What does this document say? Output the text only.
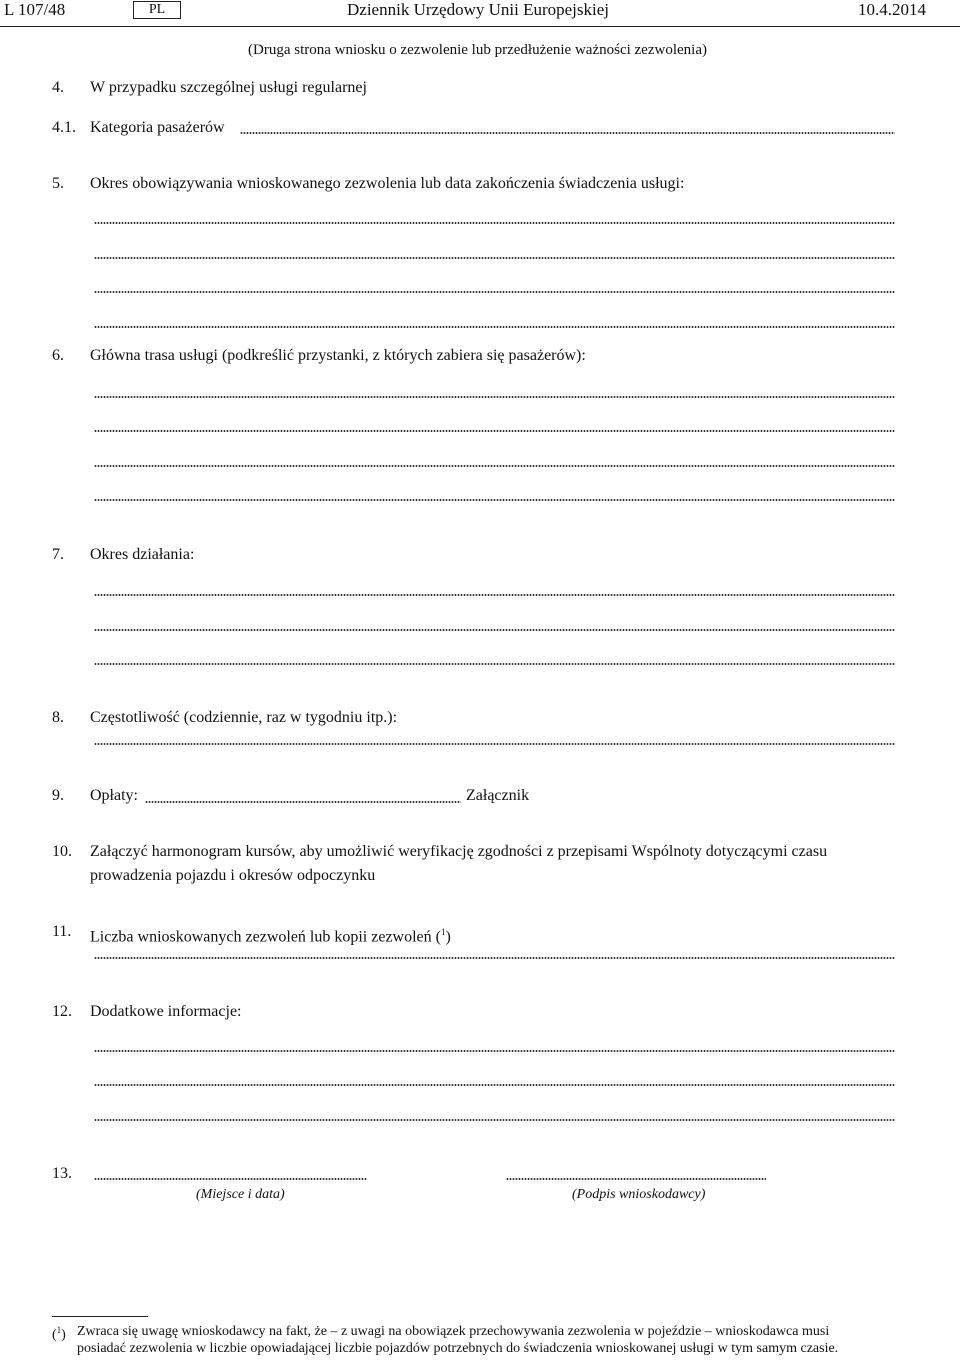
L 107/48	PL	Dziennik Urzędowy Unii Europejskiej	10.4.2014
(Druga strona wniosku o zezwolenie lub przedłużenie ważności zezwolenia)
4. W przypadku szczególnej usługi regularnej
4.1. Kategoria pasażerów
5. Okres obowiązywania wnioskowanego zezwolenia lub data zakończenia świadczenia usługi:
6. Główna trasa usługi (podkreślić przystanki, z których zabiera się pasażerów):
7. Okres działania:
8. Częstotliwość (codziennie, raz w tygodniu itp.):
9. Opłaty:	Załącznik
10. Załączyć harmonogram kursów, aby umożliwić weryfikację zgodności z przepisami Wspólnoty dotyczącymi czasu
prowadzenia pojazdu i okresów odpoczynku
11. Liczba wnioskowanych zezwoleń lub kopii zezwoleń ($^1$)
12. Dodatkowe informacje:
13.
(Miejsce i data)	(Podpis wnioskodawcy)
($^1$) Zwraca się uwagę wnioskodawcy na fakt, że – z uwagi na obowiązek przechowywania zezwolenia w pojeździe – wnioskodawca musi
posiadać zezwolenia w liczbie opowiadającej liczbie pojazdów potrzebnych do świadczenia wnioskowanej usługi w tym samym czasie.
